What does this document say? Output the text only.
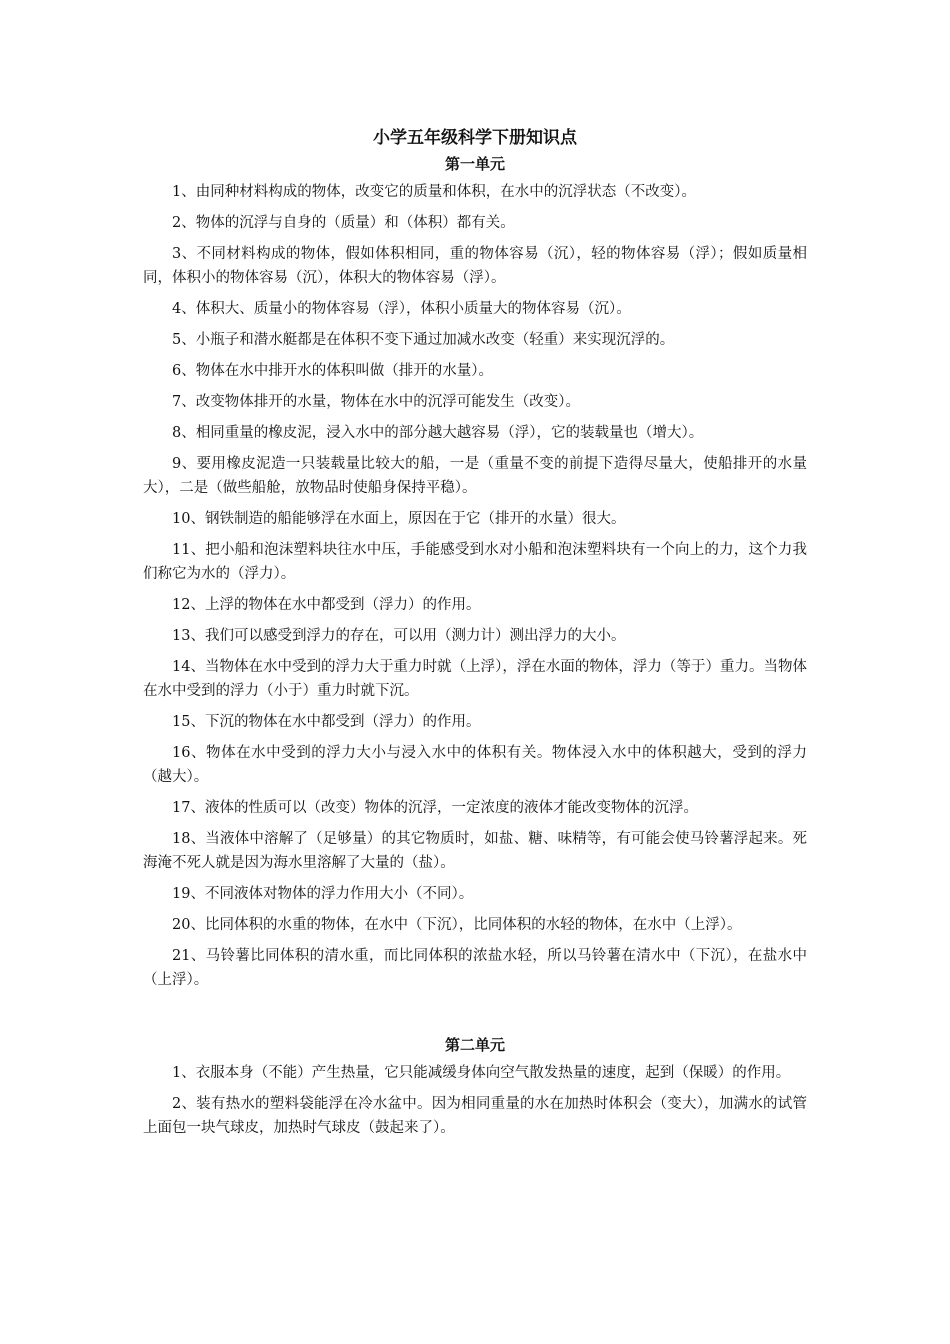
小学五年级科学下册知识点
第一单元

1、由同种材料构成的物体，改变它的质量和体积，在水中的沉浮状态（不改变）。

2、物体的沉浮与自身的（质量）和（体积）都有关。

3、不同材料构成的物体，假如体积相同，重的物体容易（沉），轻的物体容易（浮）；假如质量相同，体积小的物体容易（沉），体积大的物体容易（浮）。

4、体积大、质量小的物体容易（浮），体积小质量大的物体容易（沉）。

5、小瓶子和潜水艇都是在体积不变下通过加减水改变（轻重）来实现沉浮的。

6、物体在水中排开水的体积叫做（排开的水量）。

7、改变物体排开的水量，物体在水中的沉浮可能发生（改变）。

8、相同重量的橡皮泥，浸入水中的部分越大越容易（浮），它的装载量也（增大）。

9、要用橡皮泥造一只装载量比较大的船，一是（重量不变的前提下造得尽量大，使船排开的水量大），二是（做些船舱，放物品时使船身保持平稳）。

10、钢铁制造的船能够浮在水面上，原因在于它（排开的水量）很大。

11、把小船和泡沫塑料块往水中压，手能感受到水对小船和泡沫塑料块有一个向上的力，这个力我们称它为水的（浮力）。

12、上浮的物体在水中都受到（浮力）的作用。

13、我们可以感受到浮力的存在，可以用（测力计）测出浮力的大小。

14、当物体在水中受到的浮力大于重力时就（上浮），浮在水面的物体，浮力（等于）重力。当物体在水中受到的浮力（小于）重力时就下沉。

15、下沉的物体在水中都受到（浮力）的作用。

16、物体在水中受到的浮力大小与浸入水中的体积有关。物体浸入水中的体积越大，受到的浮力（越大）。

17、液体的性质可以（改变）物体的沉浮，一定浓度的液体才能改变物体的沉浮。

18、当液体中溶解了（足够量）的其它物质时，如盐、糖、味精等，有可能会使马铃薯浮起来。死海淹不死人就是因为海水里溶解了大量的（盐）。

19、不同液体对物体的浮力作用大小（不同）。

20、比同体积的水重的物体，在水中（下沉），比同体积的水轻的物体，在水中（上浮）。

21、马铃薯比同体积的清水重，而比同体积的浓盐水轻，所以马铃薯在清水中（下沉），在盐水中（上浮）。

第二单元

1、衣服本身（不能）产生热量，它只能减缓身体向空气散发热量的速度，起到（保暖）的作用。

2、装有热水的塑料袋能浮在冷水盆中。因为相同重量的水在加热时体积会（变大），加满水的试管上面包一块气球皮，加热时气球皮（鼓起来了）。
